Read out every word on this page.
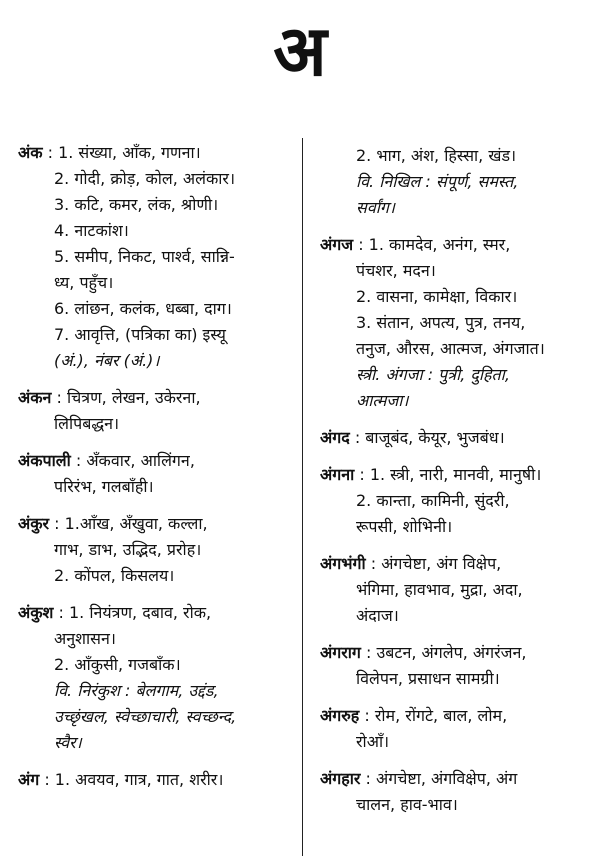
अ
अंक : 1. संख्या, आँक, गणना।
2. गोदी, क्रोड़, कोल, अलंकार।
3. कटि, कमर, लंक, श्रोणी।
4. नाटकांश।
5. समीप, निकट, पार्श्व, सान्नि-
ध्य, पहुँच।
6. लांछन, कलंक, धब्बा, दाग।
7. आवृत्ति, (पत्रिका का) इस्यू
(अं.), नंबर (अं.)।
अंकन : चित्रण, लेखन, उकेरना,
लिपिबद्धन।
अंकपाली : अँकवार, आलिंगन,
परिरंभ, गलबाँही।
अंकुर : 1.आँख, अँखुवा, कल्ला,
गाभ, डाभ, उद्भिद, प्ररोह।
2. कोंपल, किसलय।
अंकुश : 1. नियंत्रण, दबाव, रोक,
अनुशासन।
2. आँकुसी, गजबाँक।
वि. निरंकुश : बेलगाम, उद्दंड,
उच्छृंखल, स्वेच्छाचारी, स्वच्छन्द,
स्वैर।
अंग : 1. अवयव, गात्र, गात, शरीर।
2. भाग, अंश, हिस्सा, खंड।
वि. निखिल : संपूर्ण, समस्त,
सर्वांग।
अंगज : 1. कामदेव, अनंग, स्मर,
पंचशर, मदन।
2. वासना, कामेक्षा, विकार।
3. संतान, अपत्य, पुत्र, तनय,
तनुज, औरस, आत्मज, अंगजात।
स्त्री. अंगजा : पुत्री, दुहिता,
आत्मजा।
अंगद : बाजूबंद, केयूर, भुजबंध।
अंगना : 1. स्त्री, नारी, मानवी, मानुषी।
2. कान्ता, कामिनी, सुंदरी,
रूपसी, शोभिनी।
अंगभंगी : अंगचेष्टा, अंग विक्षेप,
भंगिमा, हावभाव, मुद्रा, अदा,
अंदाज।
अंगराग : उबटन, अंगलेप, अंगरंजन,
विलेपन, प्रसाधन सामग्री।
अंगरुह : रोम, रोंगटे, बाल, लोम,
रोआँ।
अंगहार : अंगचेष्टा, अंगविक्षेप, अंग
चालन, हाव-भाव।
